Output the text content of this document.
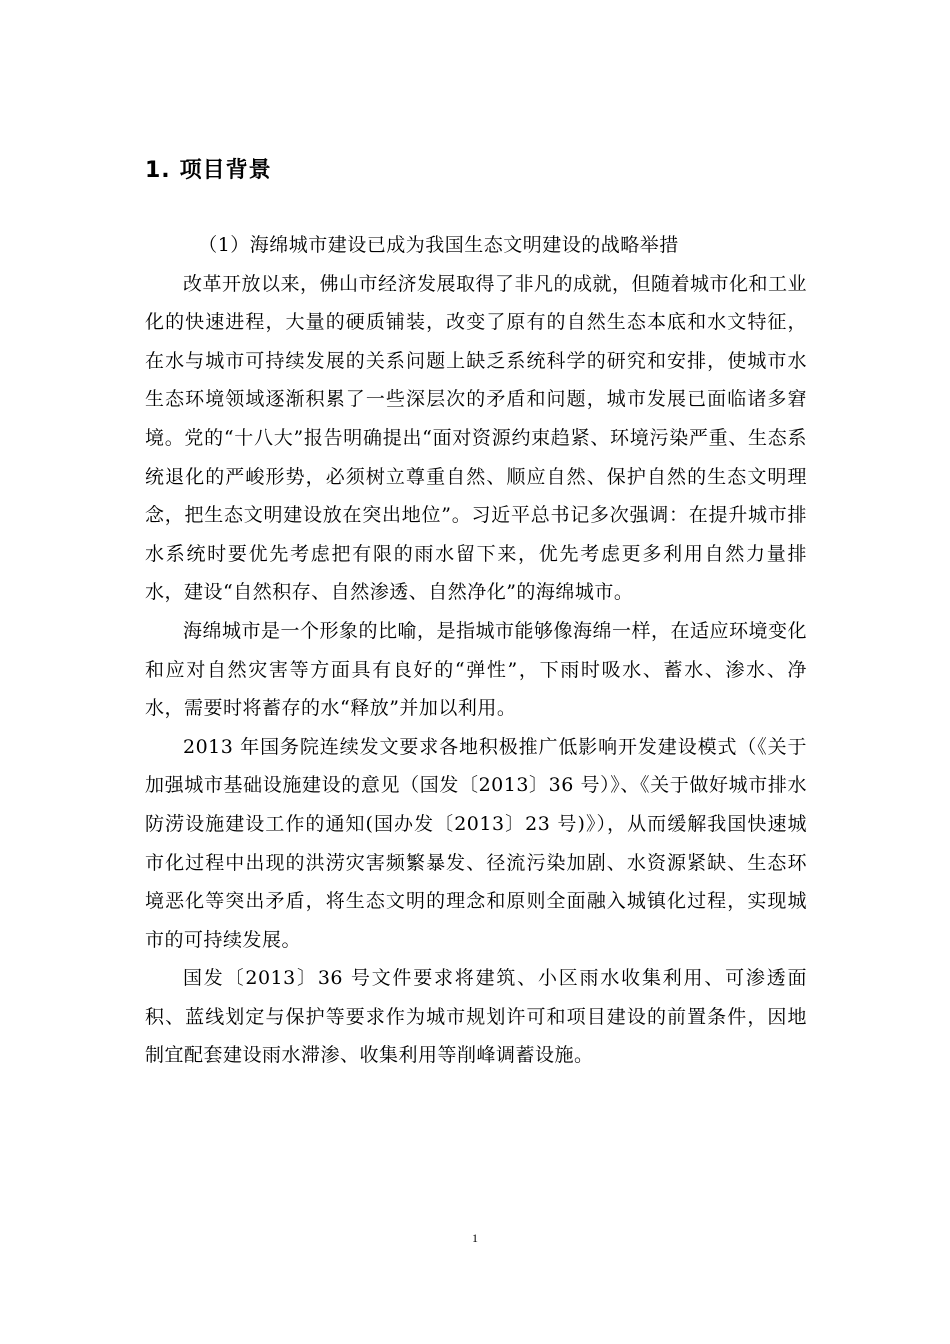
1. 项目背景

（1）海绵城市建设已成为我国生态文明建设的战略举措

改革开放以来，佛山市经济发展取得了非凡的成就，但随着城市化和工业化的快速进程，大量的硬质铺装，改变了原有的自然生态本底和水文特征，在水与城市可持续发展的关系问题上缺乏系统科学的研究和安排，使城市水生态环境领域逐渐积累了一些深层次的矛盾和问题，城市发展已面临诸多窘境。党的“十八大”报告明确提出“面对资源约束趋紧、环境污染严重、生态系统退化的严峻形势，必须树立尊重自然、顺应自然、保护自然的生态文明理念，把生态文明建设放在突出地位”。习近平总书记多次强调：在提升城市排水系统时要优先考虑把有限的雨水留下来，优先考虑更多利用自然力量排水，建设“自然积存、自然渗透、自然净化”的海绵城市。

海绵城市是一个形象的比喻，是指城市能够像海绵一样，在适应环境变化和应对自然灾害等方面具有良好的“弹性”，下雨时吸水、蓄水、渗水、净水，需要时将蓄存的水“释放”并加以利用。

2013 年国务院连续发文要求各地积极推广低影响开发建设模式（《关于加强城市基础设施建设的意见（国发〔2013〕36 号）》、《关于做好城市排水防涝设施建设工作的通知(国办发〔2013〕23 号)》），从而缓解我国快速城市化过程中出现的洪涝灾害频繁暴发、径流污染加剧、水资源紧缺、生态环境恶化等突出矛盾，将生态文明的理念和原则全面融入城镇化过程，实现城市的可持续发展。

国发〔2013〕36 号文件要求将建筑、小区雨水收集利用、可渗透面积、蓝线划定与保护等要求作为城市规划许可和项目建设的前置条件，因地制宜配套建设雨水滞渗、收集利用等削峰调蓄设施。

1
